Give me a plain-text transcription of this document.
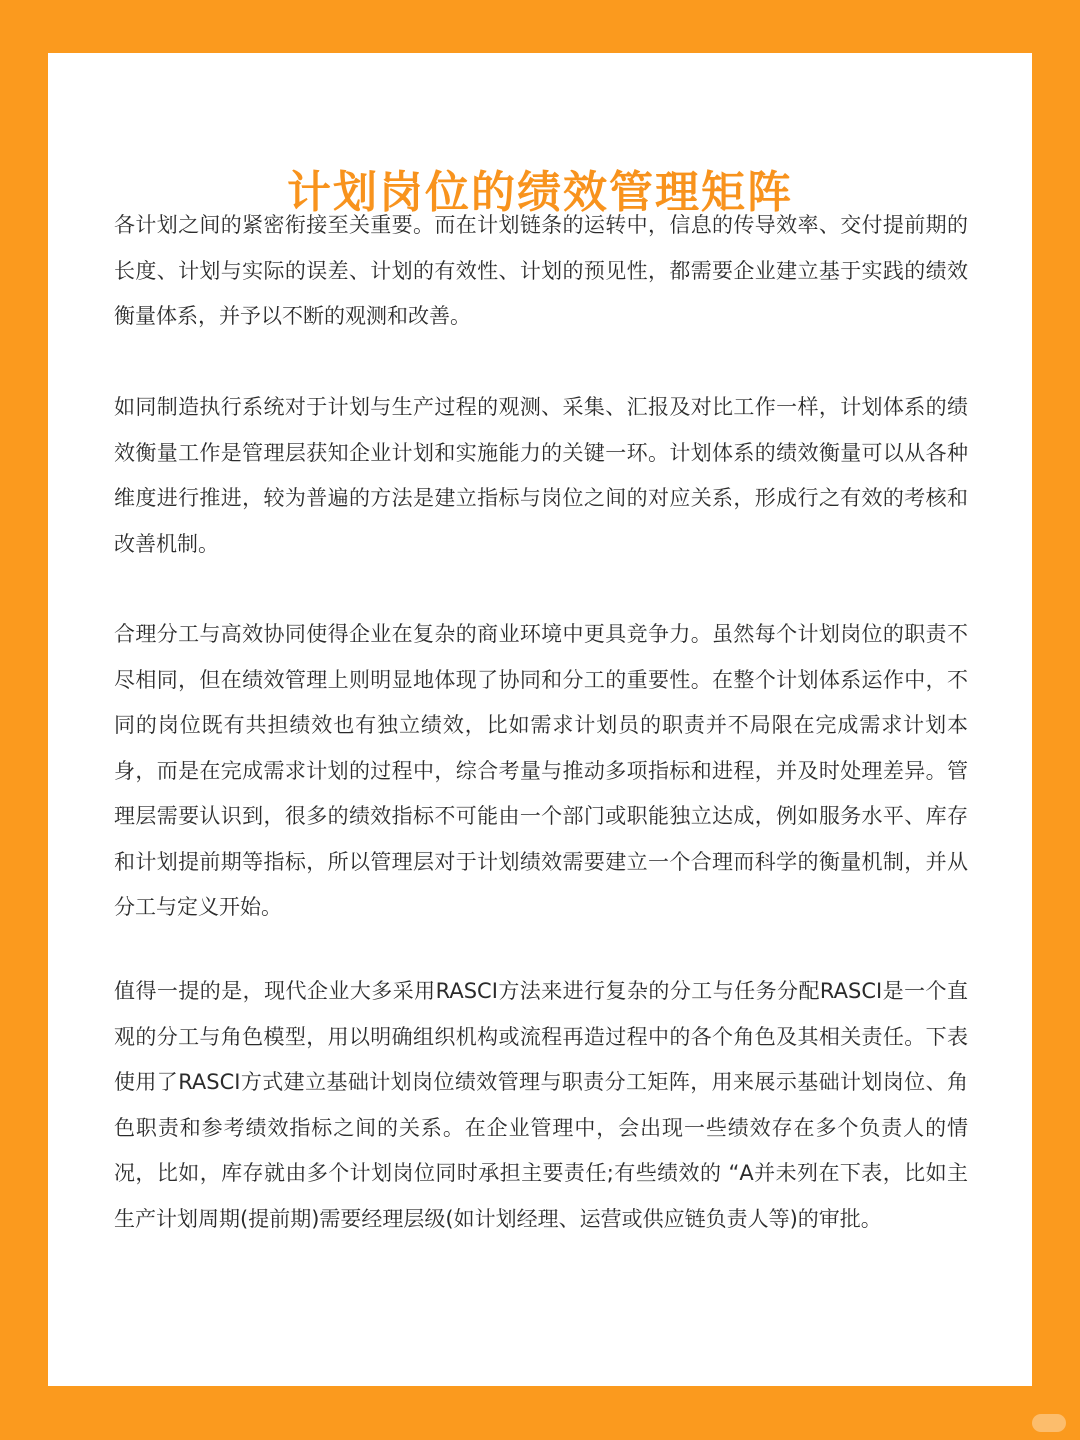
计划岗位的绩效管理矩阵

各计划之间的紧密衔接至关重要。而在计划链条的运转中，信息的传导效率、交付提前期的长度、计划与实际的误差、计划的有效性、计划的预见性，都需要企业建立基于实践的绩效衡量体系，并予以不断的观测和改善。

如同制造执行系统对于计划与生产过程的观测、采集、汇报及对比工作一样，计划体系的绩效衡量工作是管理层获知企业计划和实施能力的关键一环。计划体系的绩效衡量可以从各种维度进行推进，较为普遍的方法是建立指标与岗位之间的对应关系，形成行之有效的考核和改善机制。

合理分工与高效协同使得企业在复杂的商业环境中更具竞争力。虽然每个计划岗位的职责不尽相同，但在绩效管理上则明显地体现了协同和分工的重要性。在整个计划体系运作中，不同的岗位既有共担绩效也有独立绩效，比如需求计划员的职责并不局限在完成需求计划本身，而是在完成需求计划的过程中，综合考量与推动多项指标和进程，并及时处理差异。管理层需要认识到，很多的绩效指标不可能由一个部门或职能独立达成，例如服务水平、库存和计划提前期等指标，所以管理层对于计划绩效需要建立一个合理而科学的衡量机制，并从分工与定义开始。

值得一提的是，现代企业大多采用RASCI方法来进行复杂的分工与任务分配RASCI是一个直观的分工与角色模型，用以明确组织机构或流程再造过程中的各个角色及其相关责任。下表使用了RASCI方式建立基础计划岗位绩效管理与职责分工矩阵，用来展示基础计划岗位、角色职责和参考绩效指标之间的关系。在企业管理中，会出现一些绩效存在多个负责人的情况，比如，库存就由多个计划岗位同时承担主要责任;有些绩效的 “A并未列在下表，比如主生产计划周期(提前期)需要经理层级(如计划经理、运营或供应链负责人等)的审批。
